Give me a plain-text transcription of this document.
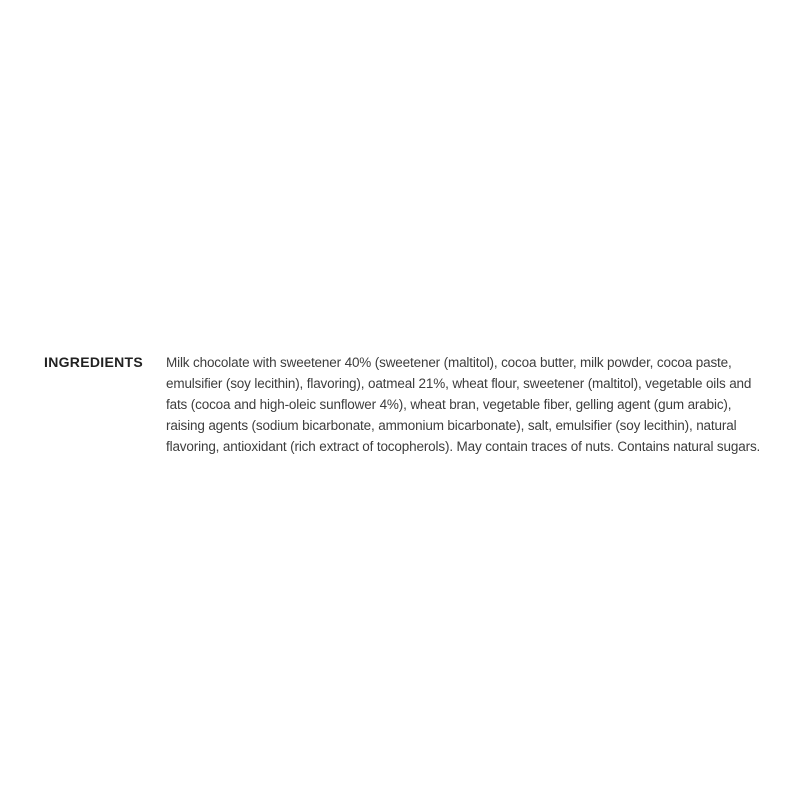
INGREDIENTS	Milk chocolate with sweetener 40% (sweetener (maltitol), cocoa butter, milk powder, cocoa paste, emulsifier (soy lecithin), flavoring), oatmeal 21%, wheat flour, sweetener (maltitol), vegetable oils and fats (cocoa and high-oleic sunflower 4%), wheat bran, vegetable fiber, gelling agent (gum arabic), raising agents (sodium bicarbonate, ammonium bicarbonate), salt, emulsifier (soy lecithin), natural flavoring, antioxidant (rich extract of tocopherols). May contain traces of nuts. Contains natural sugars.
